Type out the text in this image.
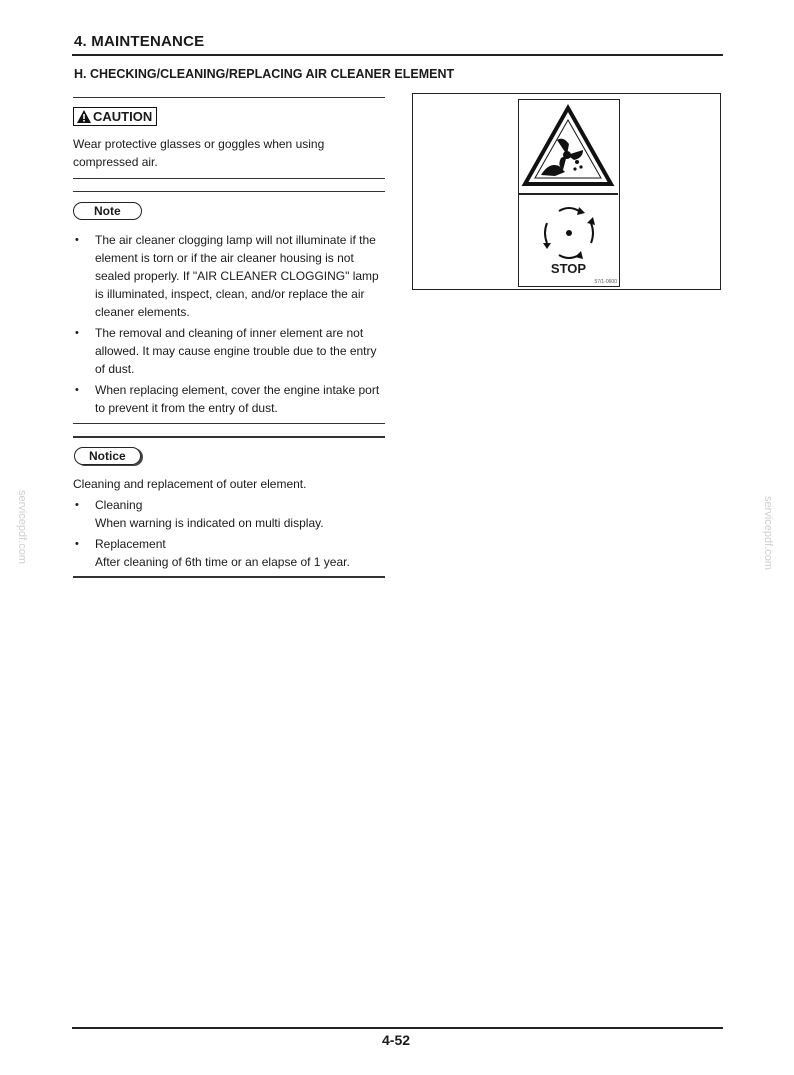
4. MAINTENANCE
H. CHECKING/CLEANING/REPLACING AIR CLEANER ELEMENT
CAUTION
Wear protective glasses or goggles when using compressed air.
Note
• The air cleaner clogging lamp will not illuminate if the element is torn or if the air cleaner housing is not sealed properly. If "AIR CLEANER CLOGGING" lamp is illuminated, inspect, clean, and/or replace the air cleaner elements.
• The removal and cleaning of inner element are not allowed. It may cause engine trouble due to the entry of dust.
• When replacing element, cover the engine intake port to prevent it from the entry of dust.
Notice
Cleaning and replacement of outer element.
• Cleaning
When warning is indicated on multi display.
• Replacement
After cleaning of 6th time or an elapse of 1 year.
STOP
57/1-0600
servicepdf.com	servicepdf.com
4-52
